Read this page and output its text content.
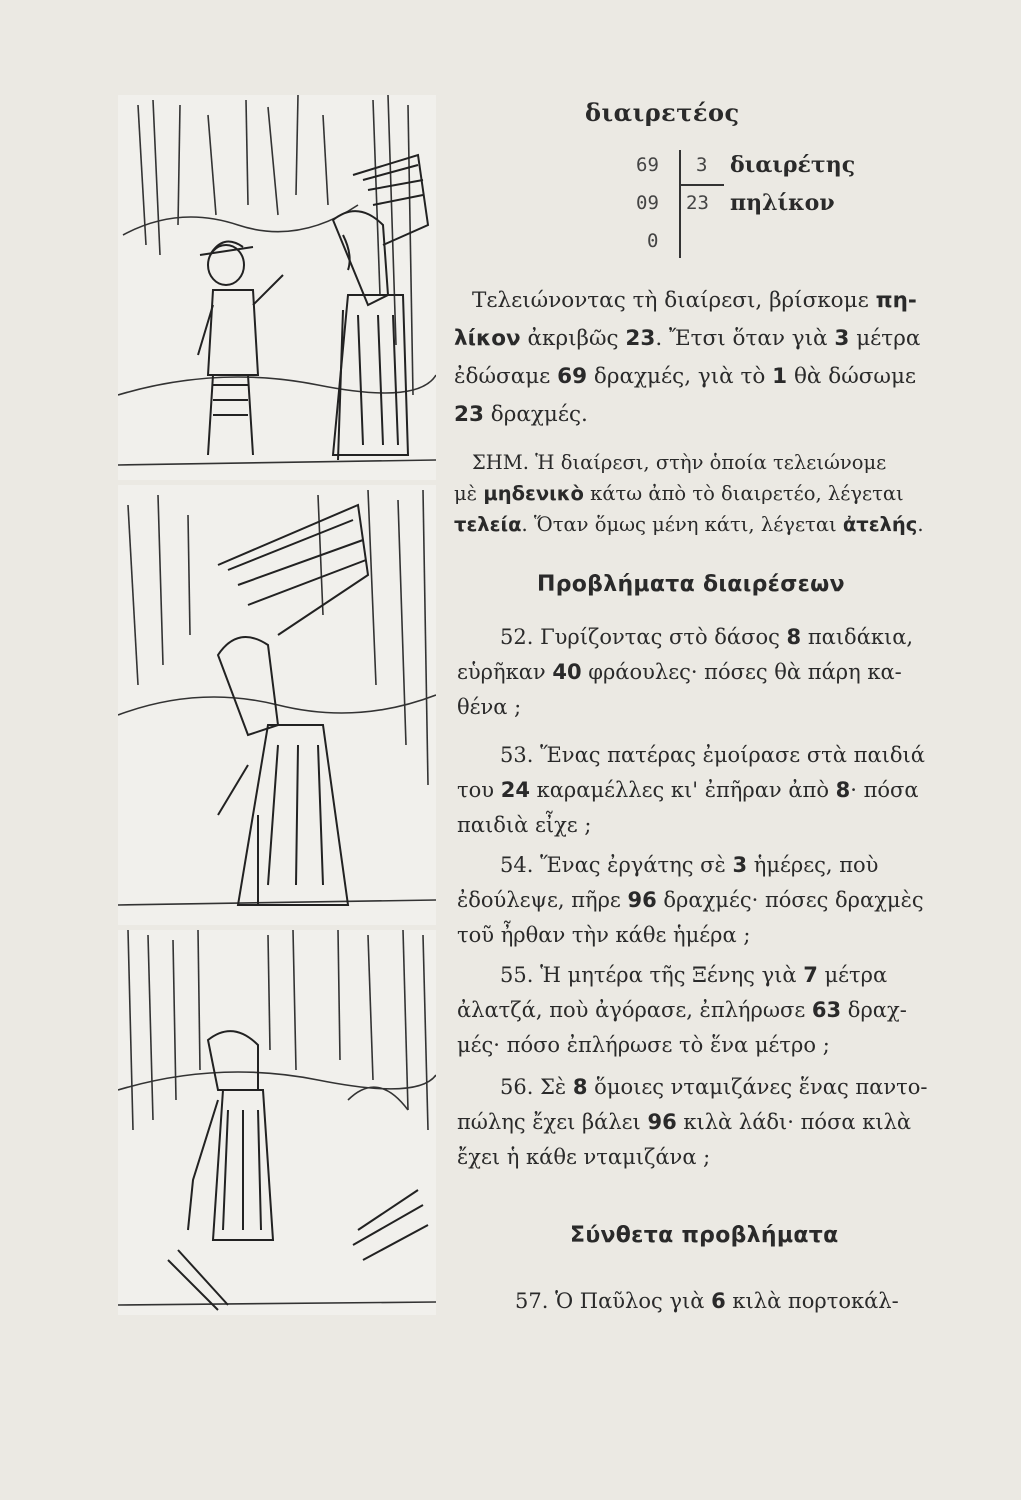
διαιρετέος
69
09
0
3 διαιρέτης
23 πηλίκον
Τελειώνοντας τὴ διαίρεσι, βρίσκομε πη-
λίκον ἀκριβῶς 23. Ἔτσι ὅταν γιὰ 3 μέτρα
ἐδώσαμε 69 δραχμές, γιὰ τὸ 1 θὰ δώσωμε
23 δραχμές.
ΣΗΜ. Ἡ διαίρεσι, στὴν ὁποία τελειώνομε
μὲ μηδενικὸ κάτω ἀπὸ τὸ διαιρετέο, λέγεται
τελεία. Ὅταν ὅμως μένη κάτι, λέγεται ἀτελής.
Προβλήματα διαιρέσεων
52. Γυρίζοντας στὸ δάσος 8 παιδάκια,
εὑρῆκαν 40 φράουλες· πόσες θὰ πάρη κα-
θένα ;
53. Ἕνας πατέρας ἐμοίρασε στὰ παιδιά
του 24 καραμέλλες κι' ἐπῆραν ἀπὸ 8· πόσα
παιδιὰ εἶχε ;
54. Ἕνας ἐργάτης σὲ 3 ἡμέρες, ποὺ
ἐδούλεψε, πῆρε 96 δραχμές· πόσες δραχμὲς
τοῦ ἦρθαν τὴν κάθε ἡμέρα ;
55. Ἡ μητέρα τῆς Ξένης γιὰ 7 μέτρα
ἀλατζά, ποὺ ἀγόρασε, ἐπλήρωσε 63 δραχ-
μές· πόσο ἐπλήρωσε τὸ ἕνα μέτρο ;
56. Σὲ 8 ὅμοιες νταμιζάνες ἕνας παντο-
πώλης ἔχει βάλει 96 κιλὰ λάδι· πόσα κιλὰ
ἔχει ἡ κάθε νταμιζάνα ;
Σύνθετα προβλήματα
57. Ὁ Παῦλος γιὰ 6 κιλὰ πορτοκάλ-
